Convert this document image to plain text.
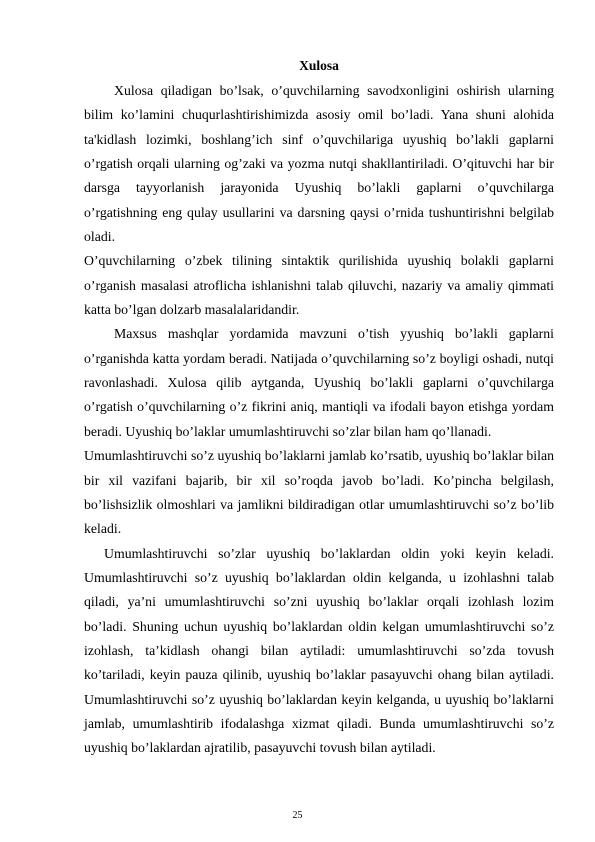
Xulosa

Xulosa qiladigan bo’lsak, o’quvchilarning savodxonligini oshirish ularning bilim ko’lamini chuqurlashtirishimizda asosiy omil bo’ladi. Yana shuni alohida ta'kidlash lozimki, boshlang’ich sinf o’quvchilariga uyushiq bo’lakli gaplarni o’rgatish orqali ularning og’zaki va yozma nutqi shakllantiriladi. O’qituvchi har bir darsga tayyorlanish jarayonida Uyushiq bo’lakli gaplarni o’quvchilarga o’rgatishning eng qulay usullarini va darsning qaysi o’rnida tushuntirishni belgilab oladi.

O’quvchilarning o’zbek tilining sintaktik qurilishida uyushiq bolakli gaplarni o’rganish masalasi atroflicha ishlanishni talab qiluvchi, nazariy va amaliy qimmati katta bo’lgan dolzarb masalalaridandir.

Maxsus mashqlar yordamida mavzuni o’tish yyushiq bo’lakli gaplarni o’rganishda katta yordam beradi. Natijada o’quvchilarning so’z boyligi oshadi, nutqi ravonlashadi. Xulosa qilib aytganda, Uyushiq bo’lakli gaplarni o’quvchilarga o’rgatish o’quvchilarning o’z fikrini aniq, mantiqli va ifodali bayon etishga yordam beradi. Uyushiq bo’laklar umumlashtiruvchi so’zlar bilan ham qo’llanadi.

Umumlashtiruvchi so’z uyushiq bo’laklarni jamlab ko’rsatib, uyushiq bo’laklar bilan bir xil vazifani bajarib, bir xil so’roqda javob bo’ladi. Ko’pincha belgilash, bo’lishsizlik olmoshlari va jamlikni bildiradigan otlar umumlashtiruvchi so’z bo’lib keladi.

Umumlashtiruvchi so’zlar uyushiq bo’laklardan oldin yoki keyin keladi. Umumlashtiruvchi so’z uyushiq bo’laklardan oldin kelganda, u izohlashni talab qiladi, ya’ni umumlashtiruvchi so’zni uyushiq bo’laklar orqali izohlash lozim bo’ladi. Shuning uchun uyushiq bo’laklardan oldin kelgan umumlashtiruvchi so’z izohlash, ta’kidlash ohangi bilan aytiladi: umumlashtiruvchi so’zda tovush ko’tariladi, keyin pauza qilinib, uyushiq bo’laklar pasayuvchi ohang bilan aytiladi. Umumlashtiruvchi so’z uyushiq bo’laklardan keyin kelganda, u uyushiq bo’laklarni jamlab, umumlashtirib ifodalashga xizmat qiladi. Bunda umumlashtiruvchi so’z uyushiq bo’laklardan ajratilib, pasayuvchi tovush bilan aytiladi.

25
